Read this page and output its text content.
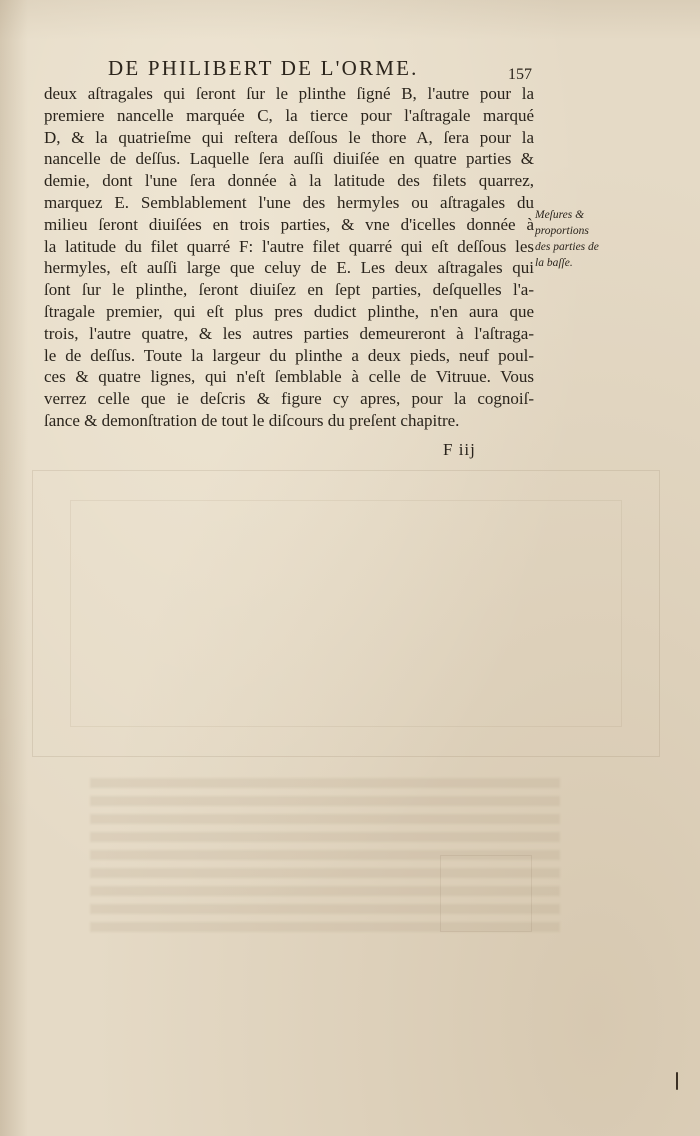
DE PHILIBERT DE L'ORME.	157
deux aſtragales qui ſeront ſur le plinthe ſigné B, l'autre pour la
premiere nancelle marquée C, la tierce pour l'aſtragale marqué
D, & la quatrieſme qui reſtera deſſous le thore A, ſera pour la
nancelle de deſſus. Laquelle ſera auſſi diuiſée en quatre parties &
demie, dont l'une ſera donnée à la latitude des filets quarrez,
marquez E. Semblablement l'une des hermyles ou aſtragales du
milieu ſeront diuiſées en trois parties, & vne d'icelles donnée à
la latitude du filet quarré F: l'autre filet quarré qui eſt deſſous les
hermyles, eſt auſſi large que celuy de E. Les deux aſtragales qui
ſont ſur le plinthe, ſeront diuiſez en ſept parties, deſquelles l'a-
ſtragale premier, qui eſt plus pres dudict plinthe, n'en aura que
trois, l'autre quatre, & les autres parties demeureront à l'aſtraga-
le de deſſus. Toute la largeur du plinthe a deux pieds, neuf poul-
ces & quatre lignes, qui n'eſt ſemblable à celle de Vitruue. Vous
verrez celle que ie deſcris & figure cy apres, pour la cognoiſ-
ſance & demonſtration de tout le diſcours du preſent chapitre.
Meſures &
proportions
des parties de
la baſſe.
F iij
